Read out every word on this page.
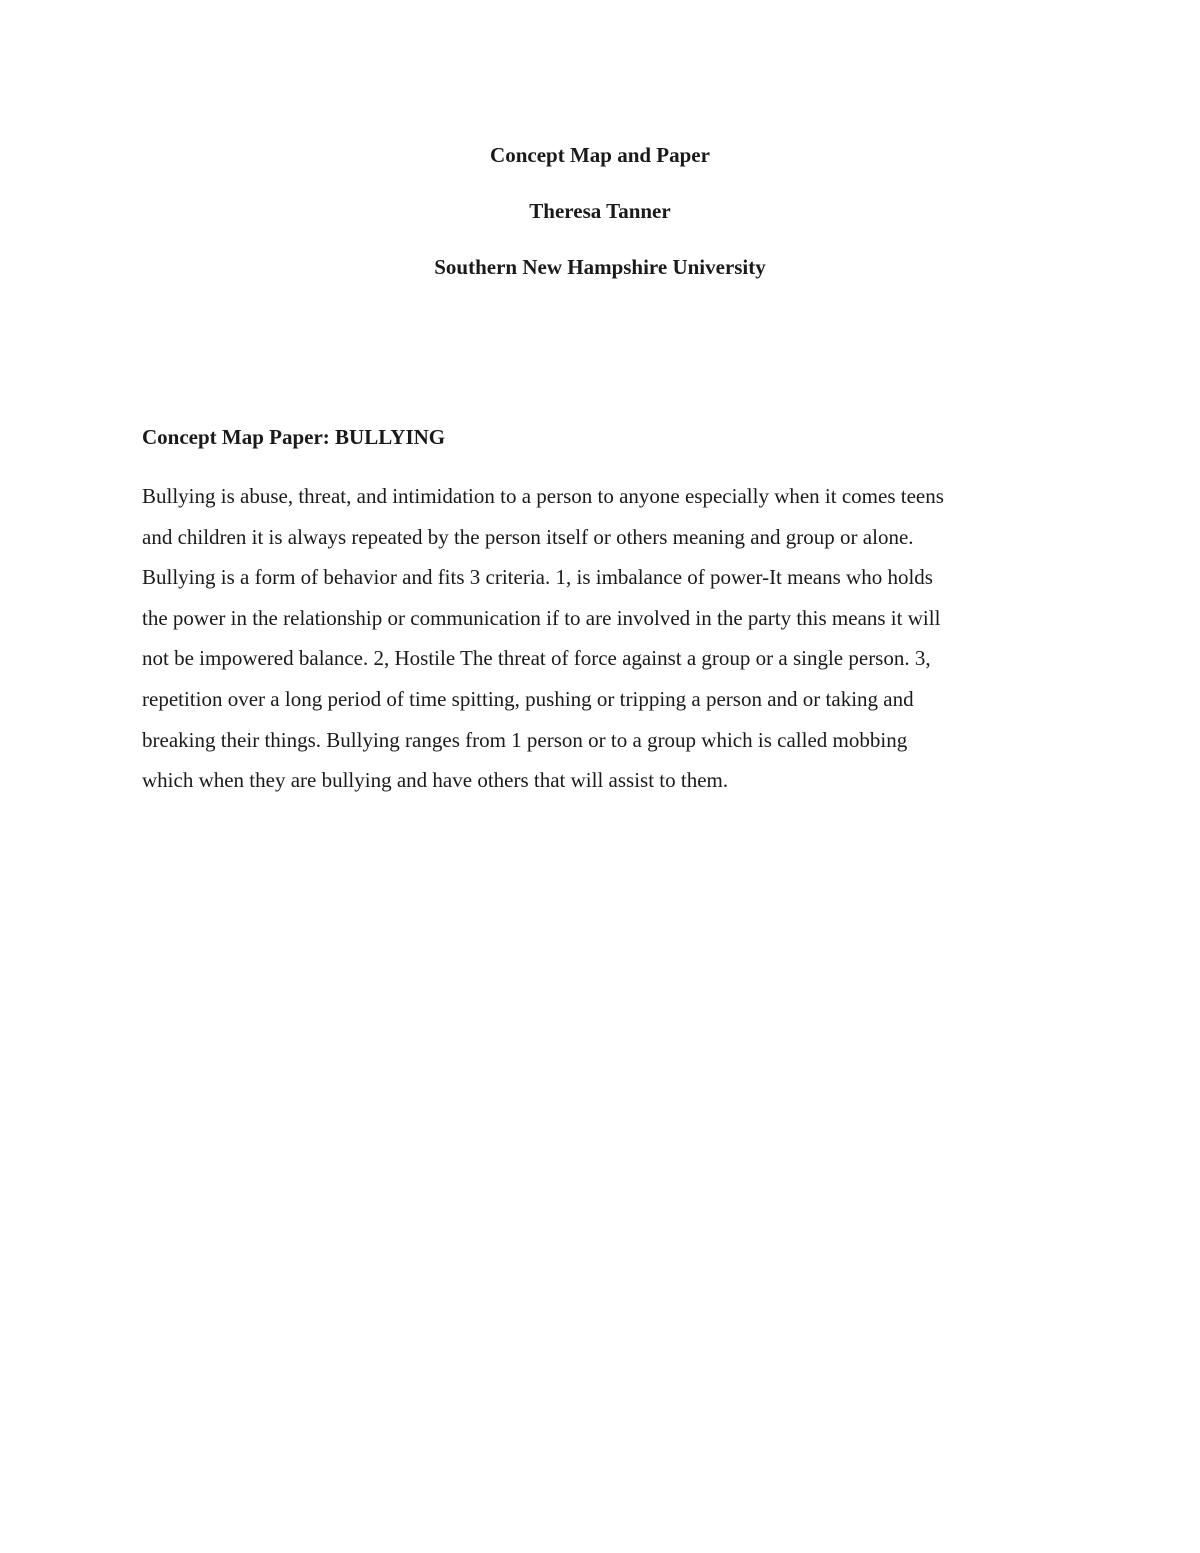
Concept Map and Paper

Theresa Tanner

Southern New Hampshire University

Concept Map Paper: BULLYING

Bullying is abuse, threat, and intimidation to a person to anyone especially when it comes teens
and children it is always repeated by the person itself or others meaning and group or alone.
Bullying is a form of behavior and fits 3 criteria. 1, is imbalance of power-It means who holds
the power in the relationship or communication if to are involved in the party this means it will
not be impowered balance. 2, Hostile The threat of force against a group or a single person. 3,
repetition over a long period of time spitting, pushing or tripping a person and or taking and
breaking their things. Bullying ranges from 1 person or to a group which is called mobbing
which when they are bullying and have others that will assist to them.
